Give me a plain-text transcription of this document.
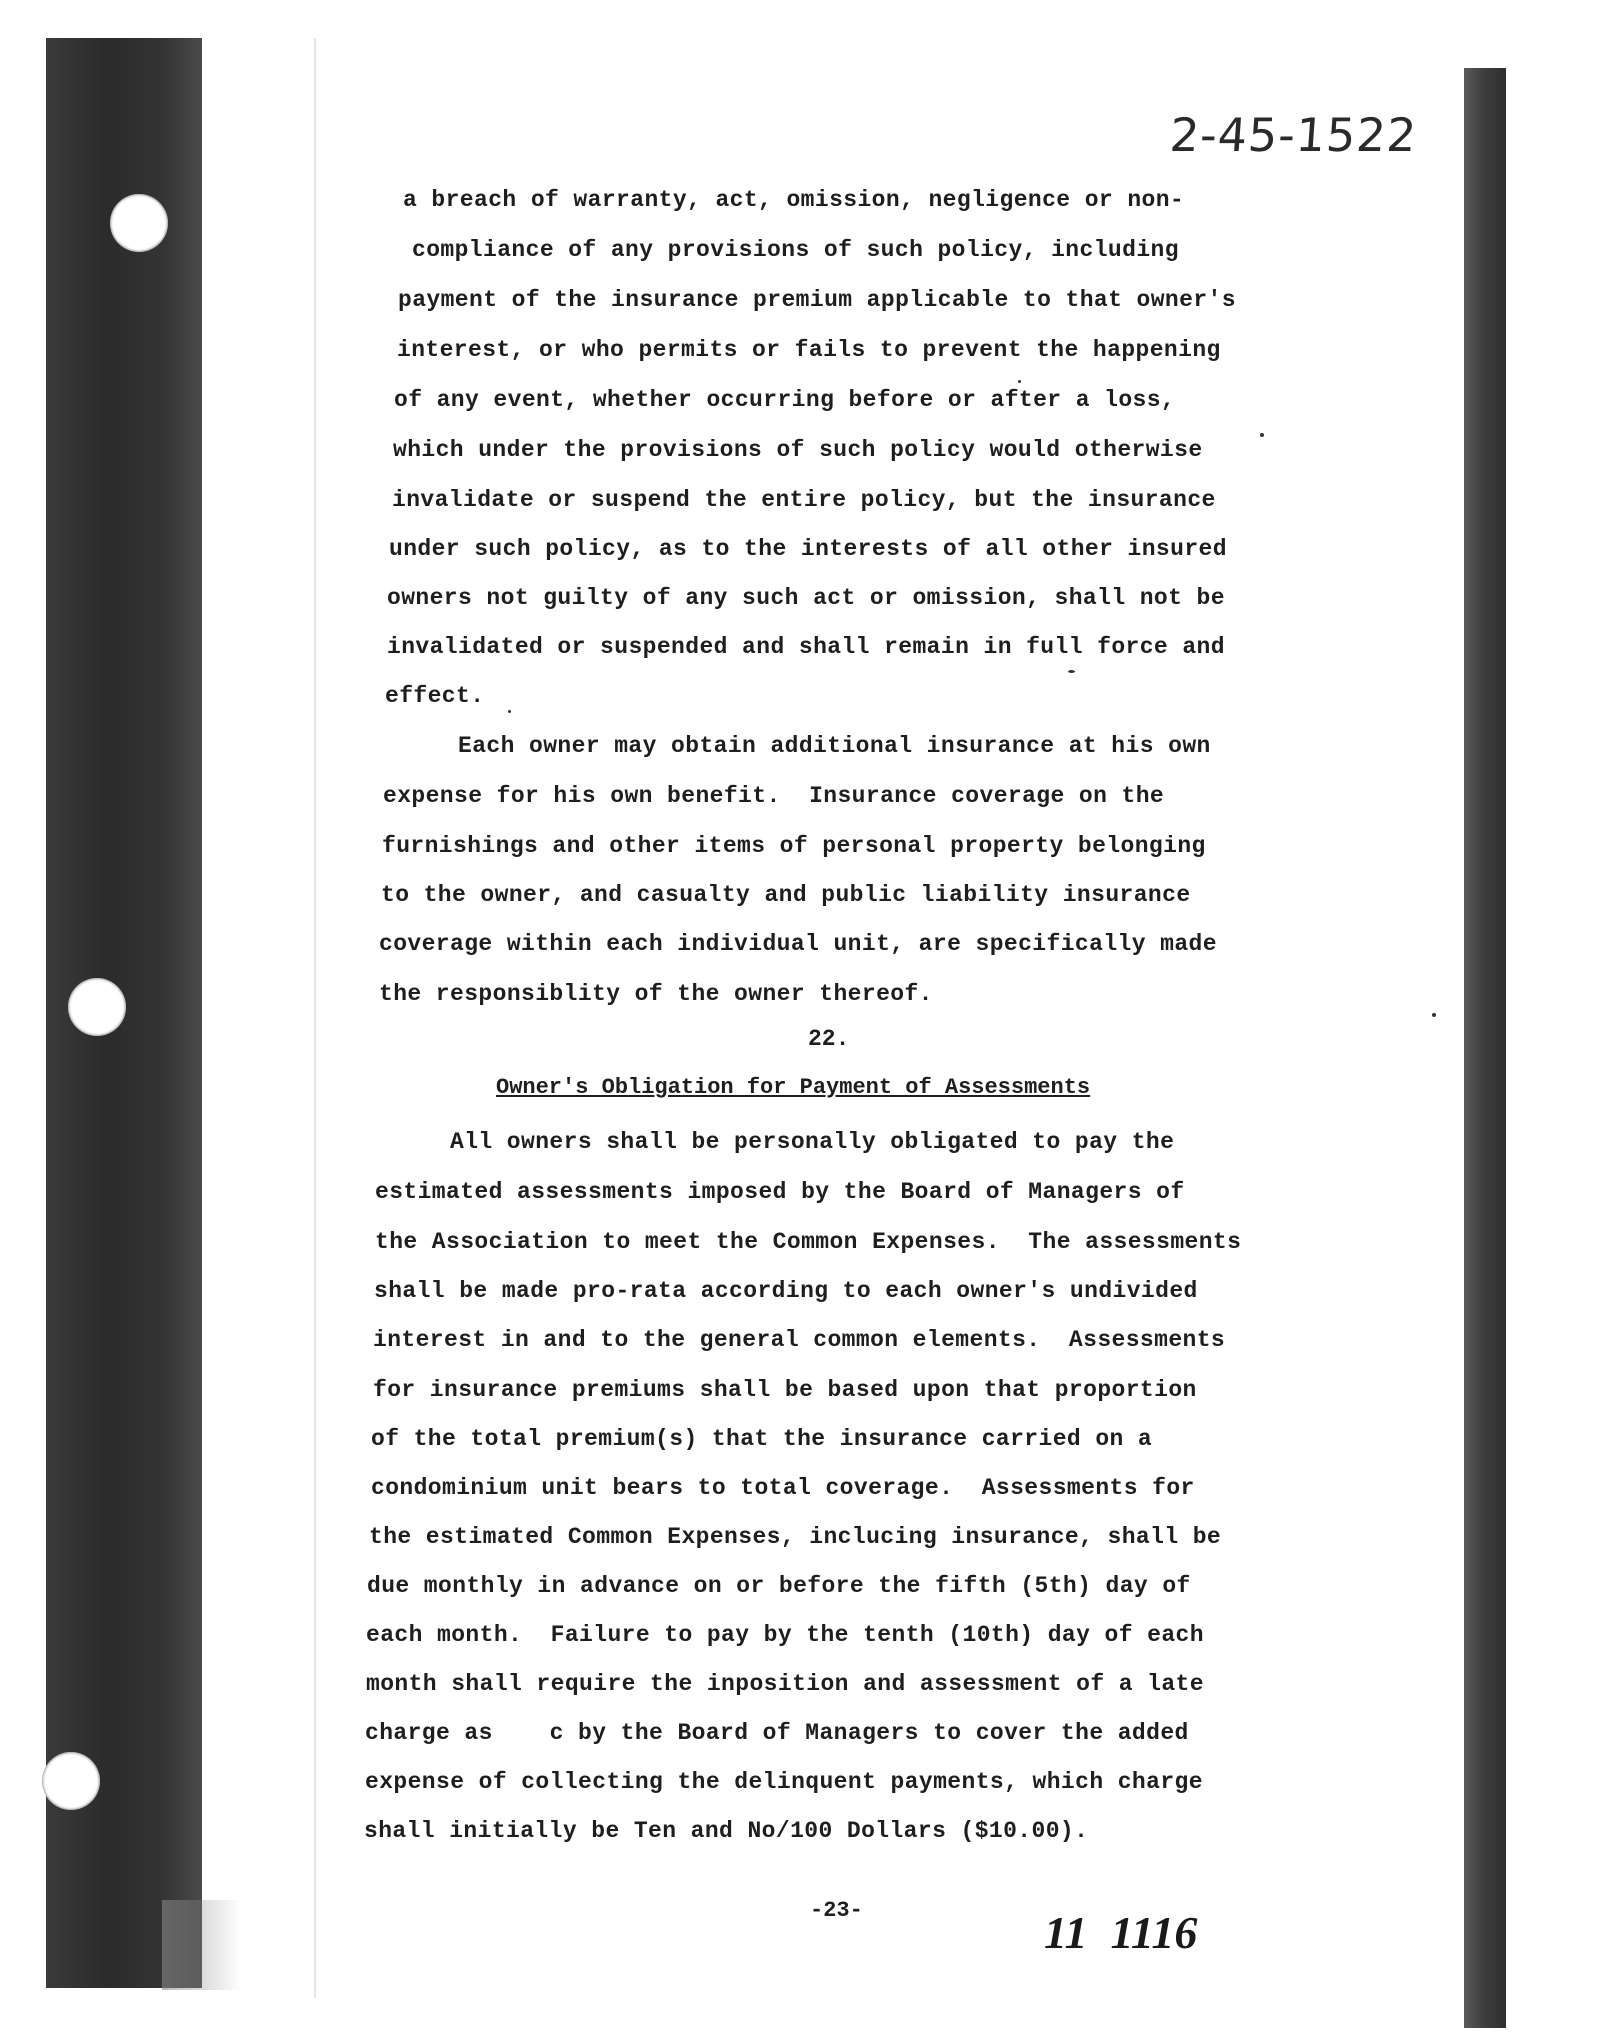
2-45-1522
a breach of warranty, act, omission, negligence or non-
compliance of any provisions of such policy, including
payment of the insurance premium applicable to that owner's
interest, or who permits or fails to prevent the happening
of any event, whether occurring before or after a loss,
which under the provisions of such policy would otherwise
invalidate or suspend the entire policy, but the insurance
under such policy, as to the interests of all other insured
owners not guilty of any such act or omission, shall not be
invalidated or suspended and shall remain in full force and
effect.
Each owner may obtain additional insurance at his own
expense for his own benefit.  Insurance coverage on the
furnishings and other items of personal property belonging
to the owner, and casualty and public liability insurance
coverage within each individual unit, are specifically made
the responsiblity of the owner thereof.
22.
Owner's Obligation for Payment of Assessments
All owners shall be personally obligated to pay the
estimated assessments imposed by the Board of Managers of
the Association to meet the Common Expenses.  The assessments
shall be made pro-rata according to each owner's undivided
interest in and to the general common elements.  Assessments
for insurance premiums shall be based upon that proportion
of the total premium(s) that the insurance carried on a
condominium unit bears to total coverage.  Assessments for
the estimated Common Expenses, inclucing insurance, shall be
due monthly in advance on or before the fifth (5th) day of
each month.  Failure to pay by the tenth (10th) day of each
month shall require the inposition and assessment of a late
charge as    c by the Board of Managers to cover the added
expense of collecting the delinquent payments, which charge
shall initially be Ten and No/100 Dollars ($10.00).
-23-	11  1116
